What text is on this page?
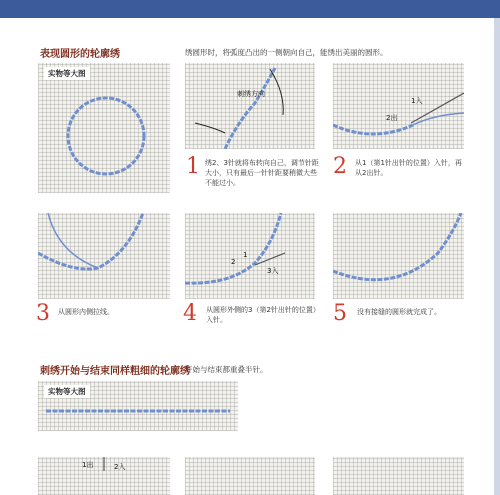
表现圆形的轮廓绣	绣圆形时，将弧度凸出的一侧朝向自己，能绣出美丽的圆形。
实物等大图
刺绣方向
1 绣2、3针就将布转向自己，调节针距大小，只有最后一针针距要稍微大些不能过小。
2出
1入
2 从1（第1针出针的位置）入针，再从2出针。
3 从圆形内侧拉线。
2
1
3入
4 从圆形外侧的3（第2针出针的位置）入针。	5 没有接缝的圆形就完成了。
刺绣开始与结束同样粗细的轮廓绣
开始与结束都重叠半针。
实物等大图
1出	2入
